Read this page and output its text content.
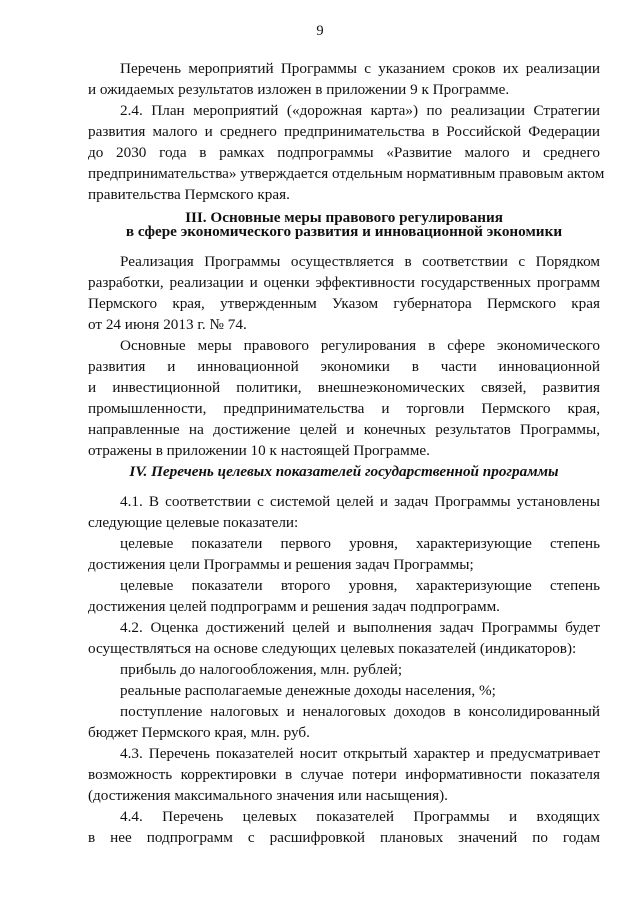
9
Перечень мероприятий Программы с указанием сроков их реализации
и ожидаемых результатов изложен в приложении 9 к Программе.
2.4. План мероприятий («дорожная карта») по реализации Стратегии
развития малого и среднего предпринимательства в Российской Федерации
до 2030 года в рамках подпрограммы «Развитие малого и среднего
предпринимательства» утверждается отдельным нормативным правовым актом
правительства Пермского края.
III. Основные меры правового регулирования
в сфере экономического развития и инновационной экономики
Реализация Программы осуществляется в соответствии с Порядком
разработки, реализации и оценки эффективности государственных программ
Пермского края, утвержденным Указом губернатора Пермского края
от 24 июня 2013 г. № 74.
Основные меры правового регулирования в сфере экономического
развития и инновационной экономики в части инновационной
и инвестиционной политики, внешнеэкономических связей, развития
промышленности, предпринимательства и торговли Пермского края,
направленные на достижение целей и конечных результатов Программы,
отражены в приложении 10 к настоящей Программе.
IV. Перечень целевых показателей государственной программы
4.1. В соответствии с системой целей и задач Программы установлены
следующие целевые показатели:
целевые показатели первого уровня, характеризующие степень
достижения цели Программы и решения задач Программы;
целевые показатели второго уровня, характеризующие степень
достижения целей подпрограмм и решения задач подпрограмм.
4.2. Оценка достижений целей и выполнения задач Программы будет
осуществляться на основе следующих целевых показателей (индикаторов):
прибыль до налогообложения, млн. рублей;
реальные располагаемые денежные доходы населения, %;
поступление налоговых и неналоговых доходов в консолидированный
бюджет Пермского края, млн. руб.
4.3. Перечень показателей носит открытый характер и предусматривает
возможность корректировки в случае потери информативности показателя
(достижения максимального значения или насыщения).
4.4. Перечень целевых показателей Программы и входящих
в нее подпрограмм с расшифровкой плановых значений по годам
